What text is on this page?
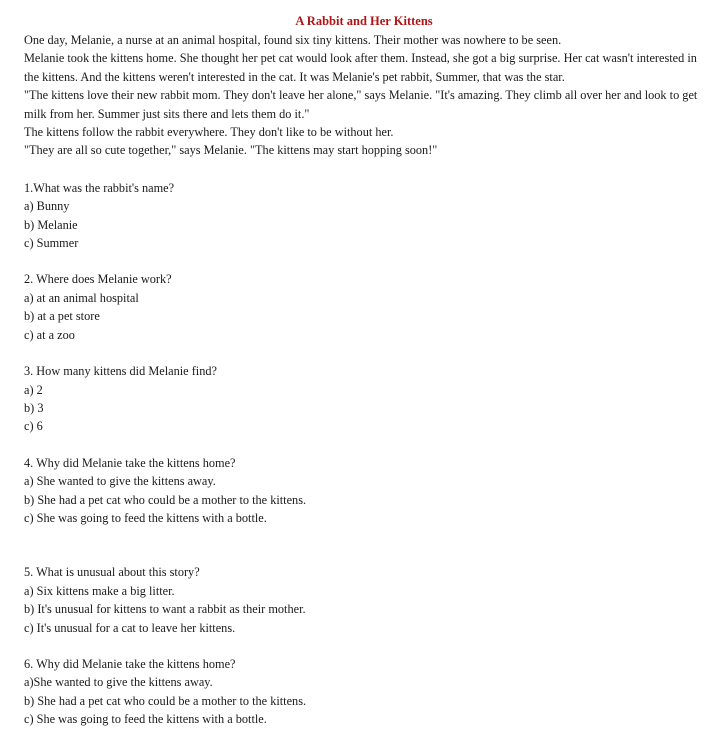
A Rabbit and Her Kittens

One day, Melanie, a nurse at an animal hospital, found six tiny kittens. Their mother was nowhere to be seen.

Melanie took the kittens home. She thought her pet cat would look after them. Instead, she got a big surprise. Her cat wasn't interested in the kittens. And the kittens weren't interested in the cat. It was Melanie's pet rabbit, Summer, that was the star.

"The kittens love their new rabbit mom. They don't leave her alone," says Melanie. "It's amazing. They climb all over her and look to get milk from her. Summer just sits there and lets them do it."

The kittens follow the rabbit everywhere. They don't like to be without her.

"They are all so cute together," says Melanie. "The kittens may start hopping soon!"

1.What was the rabbit's name?
a) Bunny
b) Melanie
c) Summer
2. Where does Melanie work?
a) at an animal hospital
b) at a pet store
c) at a zoo
3. How many kittens did Melanie find?
a) 2
b) 3
c) 6
4. Why did Melanie take the kittens home?
a) She wanted to give the kittens away.
b) She had a pet cat who could be a mother to the kittens.
c) She was going to feed the kittens with a bottle.
5. What is unusual about this story?
a) Six kittens make a big litter.
b) It's unusual for kittens to want a rabbit as their mother.
c) It's unusual for a cat to leave her kittens.
6. Why did Melanie take the kittens home?
a)She wanted to give the kittens away.
b) She had a pet cat who could be a mother to the kittens.
c) She was going to feed the kittens with a bottle.
